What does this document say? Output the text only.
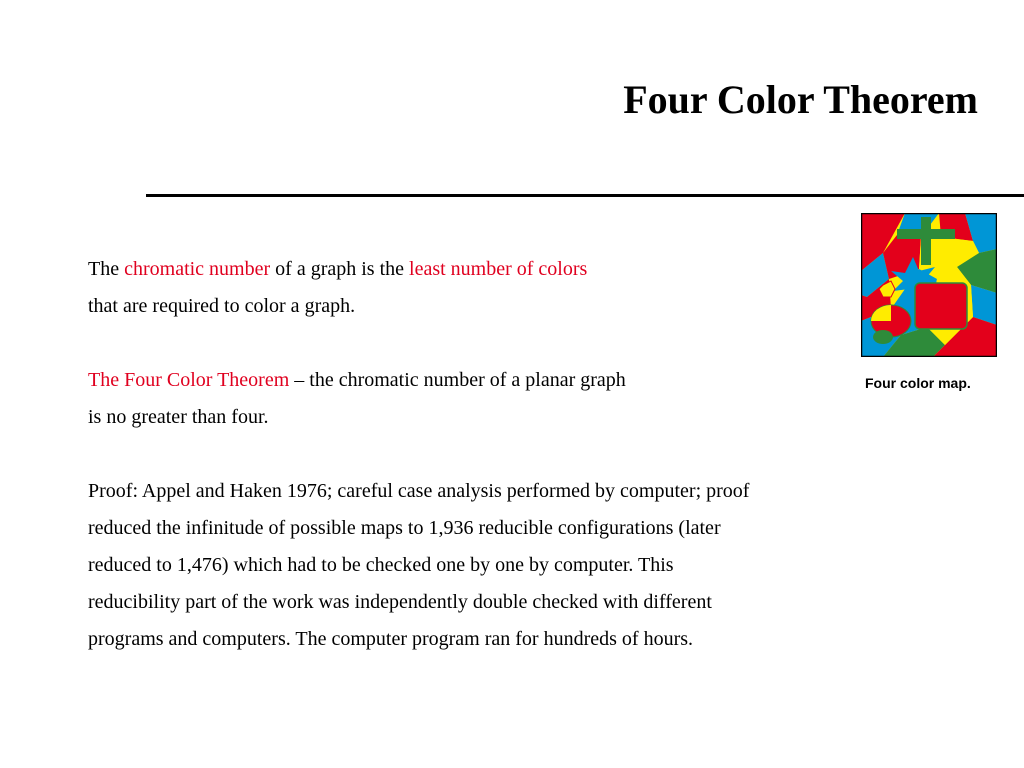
Four Color Theorem

The chromatic number of a graph is the least number of colors

that are required to color a graph.

The Four Color Theorem – the chromatic number of a planar graph

is no greater than four.

Proof: Appel and Haken 1976; careful case analysis performed by computer; proof

reduced the infinitude of possible maps to 1,936 reducible configurations (later

reduced to 1,476) which had to be checked one by one by computer. This

reducibility part of the work was independently double checked with different

programs and computers. The computer program ran for hundreds of hours.

Four color map.
